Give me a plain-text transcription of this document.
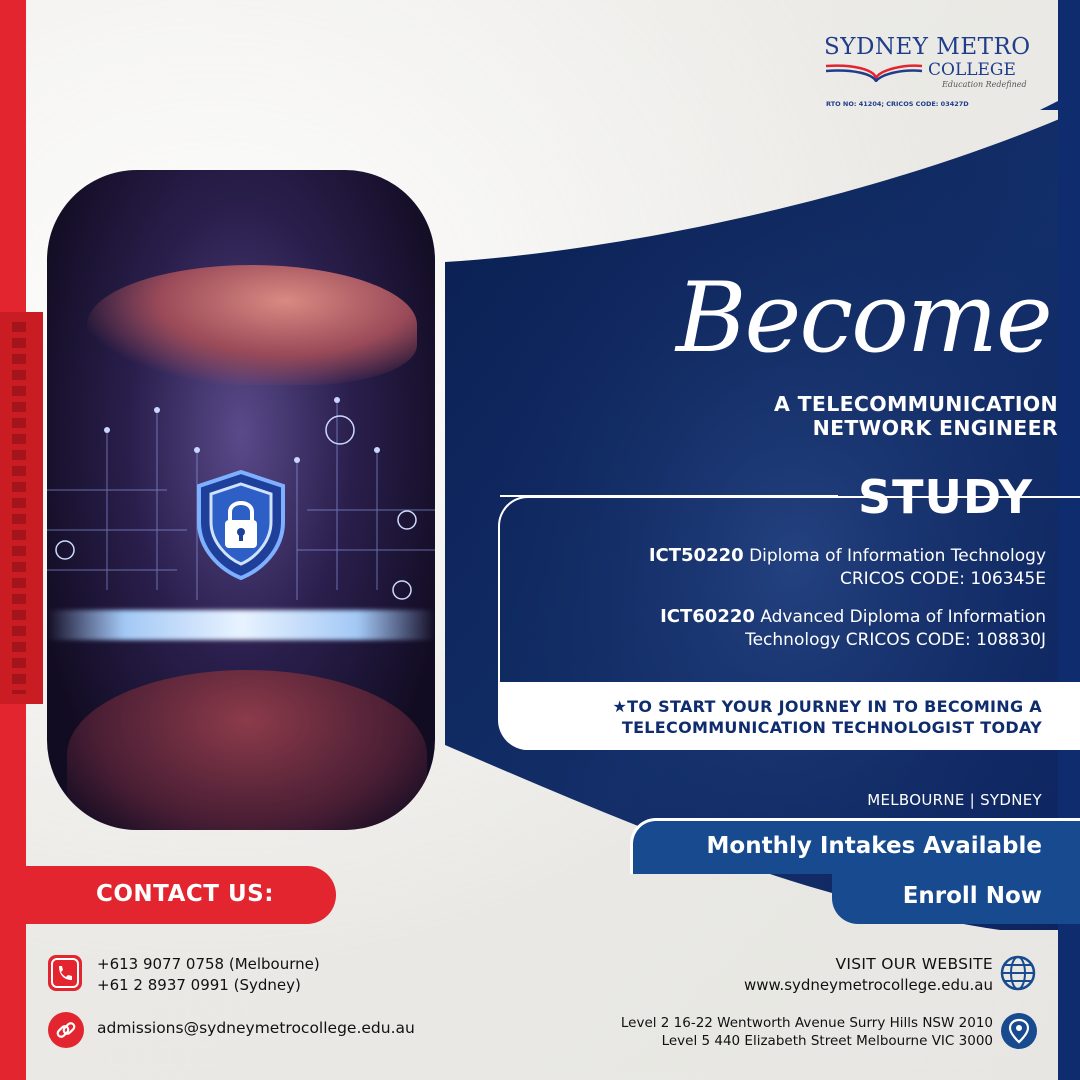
SYDNEY METRO
COLLEGE
Education Redefined
RTO NO: 41204; CRICOS CODE: 03427D
Become
A TELECOMMUNICATION
NETWORK ENGINEER
STUDY
ICT50220 Diploma of Information Technology
CRICOS CODE: 106345E
ICT60220 Advanced Diploma of Information
Technology CRICOS CODE: 108830J
★TO START YOUR JOURNEY IN TO BECOMING A
TELECOMMUNICATION TECHNOLOGIST TODAY
MELBOURNE | SYDNEY
Monthly Intakes Available
Enroll Now
CONTACT US:
+613 9077 0758 (Melbourne)
+61 2 8937 0991 (Sydney)
admissions@sydneymetrocollege.edu.au
VISIT OUR WEBSITE
www.sydneymetrocollege.edu.au
Level 2 16-22 Wentworth Avenue Surry Hills NSW 2010
Level 5 440 Elizabeth Street Melbourne VIC 3000
